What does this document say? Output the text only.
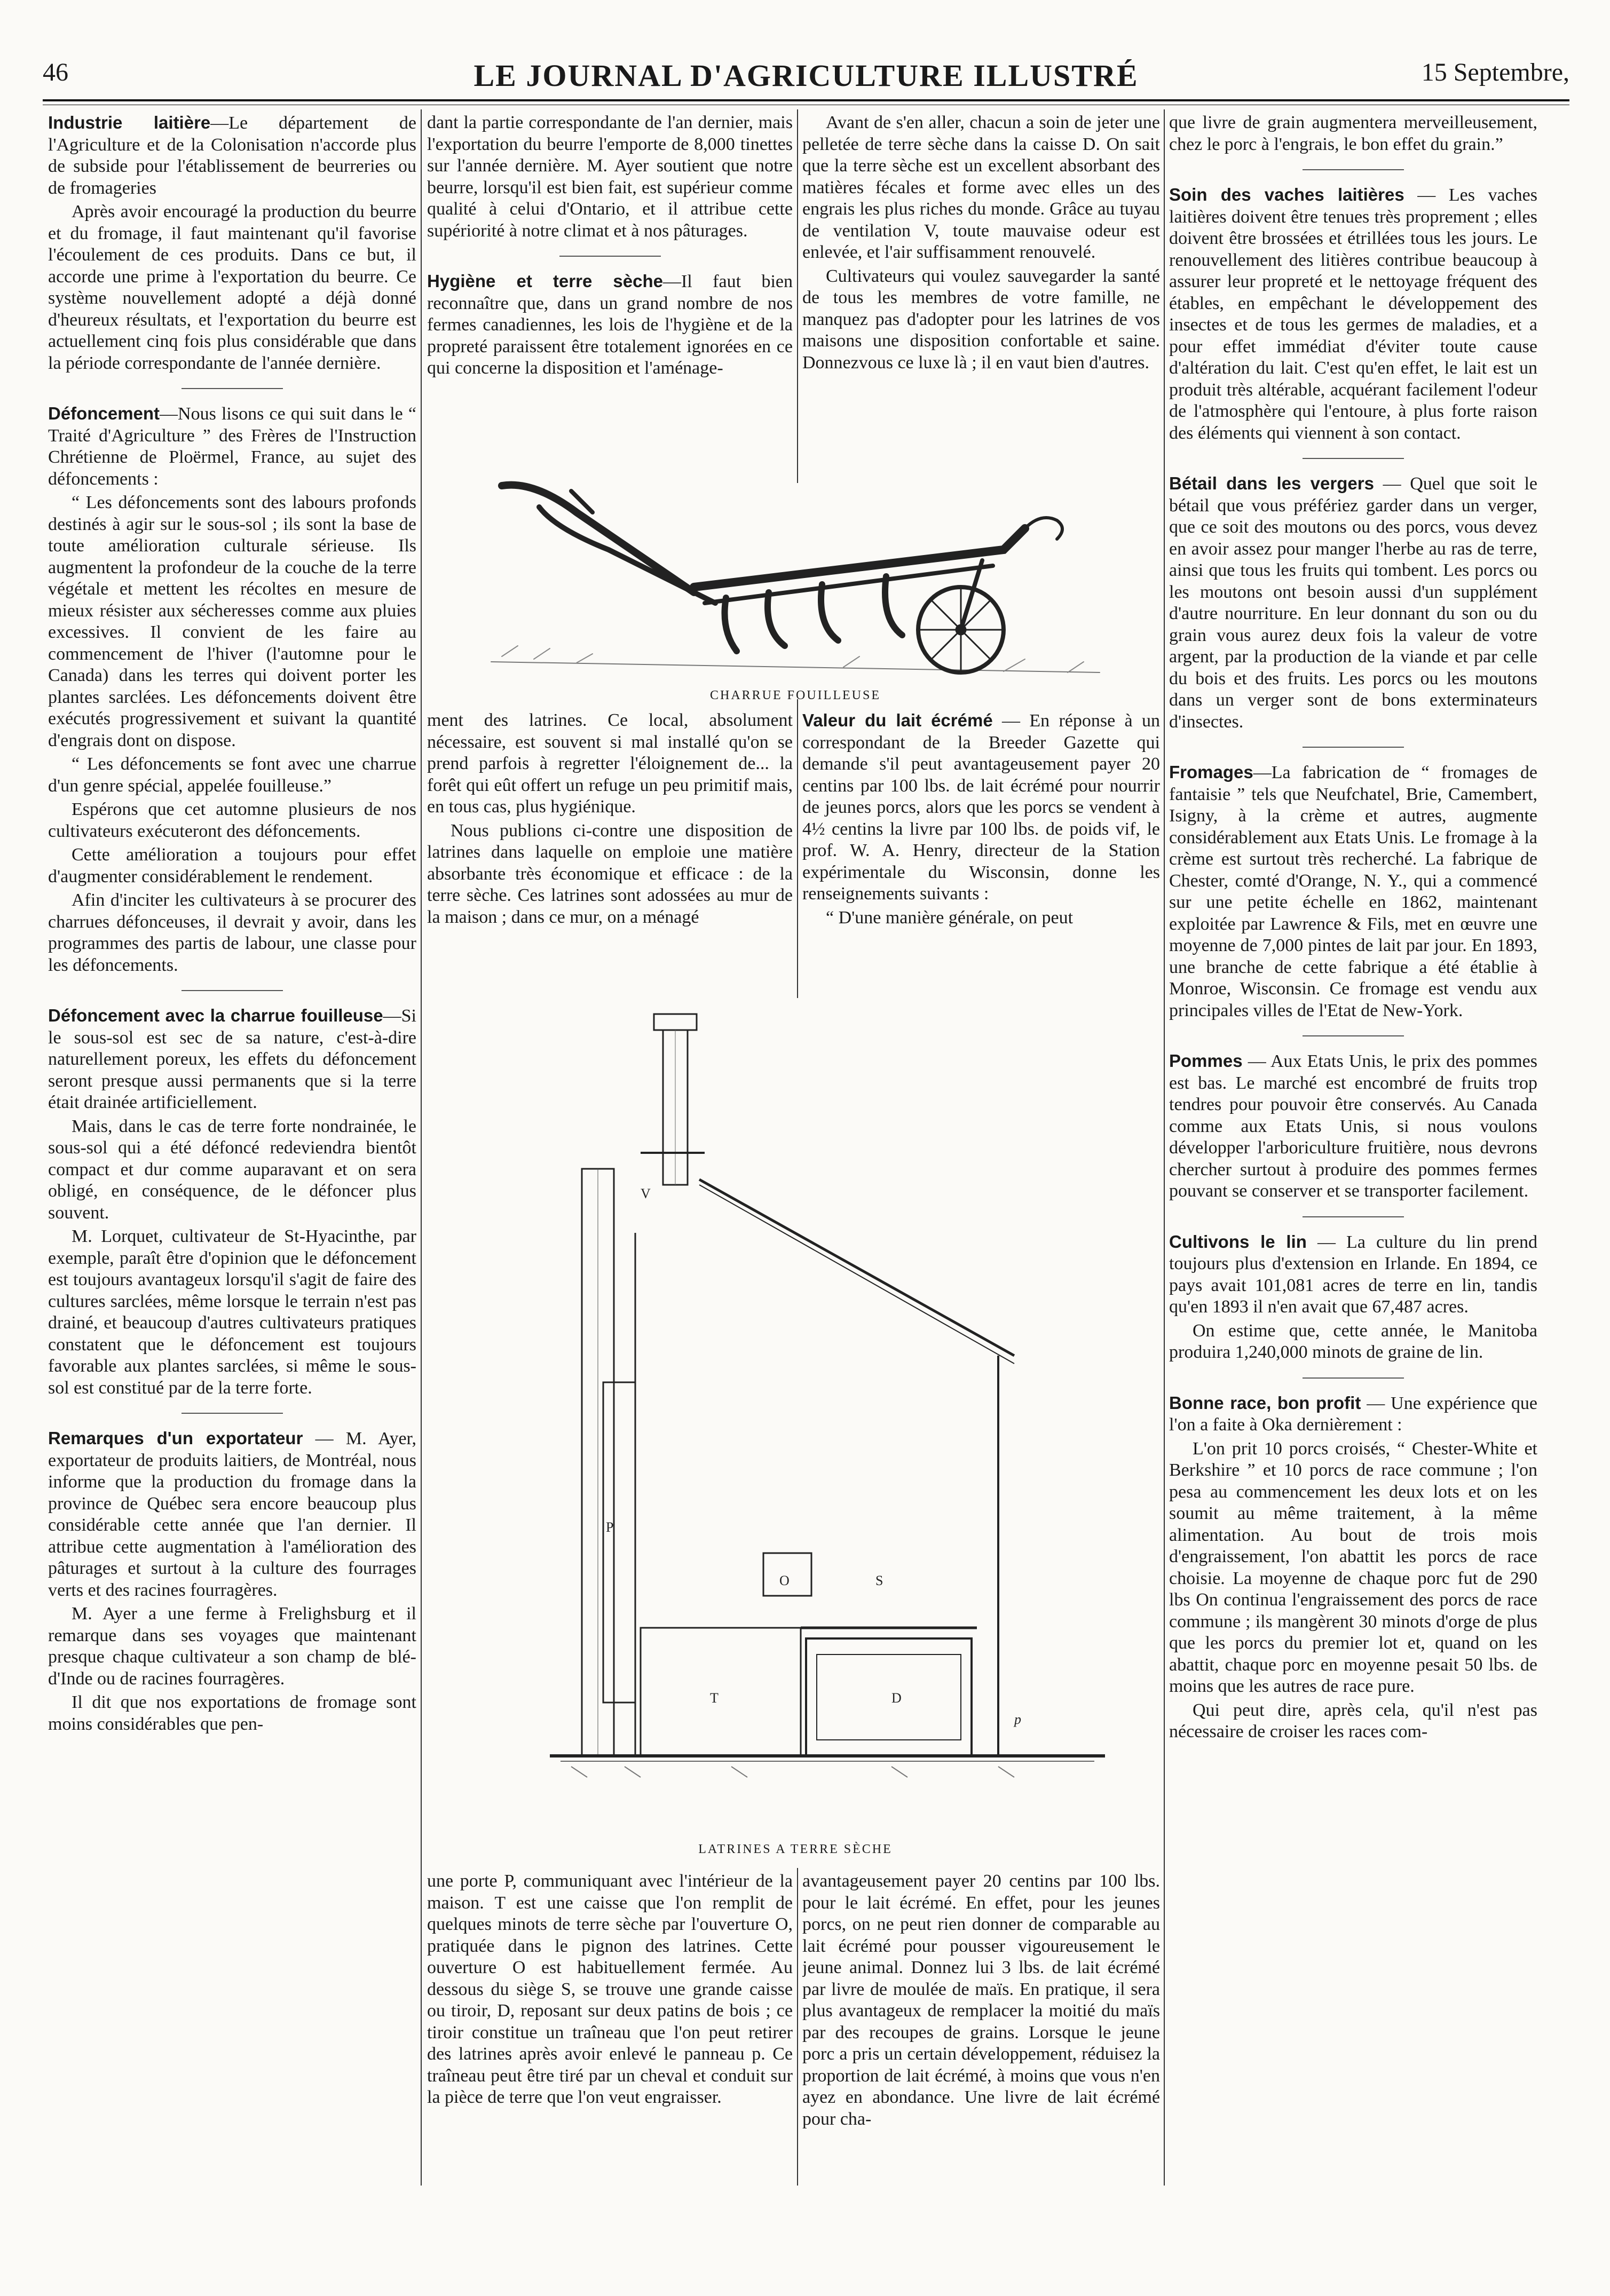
46	LE JOURNAL D'AGRICULTURE ILLUSTRÉ	15 Septembre,

Industrie laitière—Le département de l'Agriculture et de la Colonisation n'accorde plus de subside pour l'établissement de beurreries ou de fromageries

Après avoir encouragé la production du beurre et du fromage, il faut maintenant qu'il favorise l'écoulement de ces produits. Dans ce but, il accorde une prime à l'exportation du beurre. Ce système nouvellement adopté a déjà donné d'heureux résultats, et l'exportation du beurre est actuellement cinq fois plus considérable que dans la période correspondante de l'année dernière.

Défoncement—Nous lisons ce qui suit dans le “ Traité d'Agriculture ” des Frères de l'Instruction Chrétienne de Ploërmel, France, au sujet des défoncements :

“ Les défoncements sont des labours profonds destinés à agir sur le sous-sol ; ils sont la base de toute amélioration culturale sérieuse. Ils augmentent la profondeur de la couche de la terre végétale et mettent les récoltes en mesure de mieux résister aux sécheresses comme aux pluies excessives. Il convient de les faire au commencement de l'hiver (l'automne pour le Canada) dans les terres qui doivent porter les plantes sarclées. Les défoncements doivent être exécutés progressivement et suivant la quantité d'engrais dont on dispose.

“ Les défoncements se font avec une charrue d'un genre spécial, appelée fouilleuse.”

Espérons que cet automne plusieurs de nos cultivateurs exécuteront des défoncements.

Cette amélioration a toujours pour effet d'augmenter considérablement le rendement.

Afin d'inciter les cultivateurs à se procurer des charrues défonceuses, il devrait y avoir, dans les programmes des partis de labour, une classe pour les défoncements.

Défoncement avec la charrue fouilleuse—Si le sous-sol est sec de sa nature, c'est-à-dire naturellement poreux, les effets du défoncement seront presque aussi permanents que si la terre était drainée artificiellement.

Mais, dans le cas de terre forte nondrainée, le sous-sol qui a été défoncé redeviendra bientôt compact et dur comme auparavant et on sera obligé, en conséquence, de le défoncer plus souvent.

M. Lorquet, cultivateur de St-Hyacinthe, par exemple, paraît être d'opinion que le défoncement est toujours avantageux lorsqu'il s'agit de faire des cultures sarclées, même lorsque le terrain n'est pas drainé, et beaucoup d'autres cultivateurs pratiques constatent que le défoncement est toujours favorable aux plantes sarclées, si même le sous-sol est constitué par de la terre forte.

Remarques d'un exportateur — M. Ayer, exportateur de produits laitiers, de Montréal, nous informe que la production du fromage dans la province de Québec sera encore beaucoup plus considérable cette année que l'an dernier. Il attribue cette augmentation à l'amélioration des pâturages et surtout à la culture des fourrages verts et des racines fourragères.

M. Ayer a une ferme à Frelighsburg et il remarque dans ses voyages que maintenant presque chaque cultivateur a son champ de blé-d'Inde ou de racines fourragères.

Il dit que nos exportations de fromage sont moins considérables que pen-

dant la partie correspondante de l'an dernier, mais l'exportation du beurre l'emporte de 8,000 tinettes sur l'année dernière. M. Ayer soutient que notre beurre, lorsqu'il est bien fait, est supérieur comme qualité à celui d'Ontario, et il attribue cette supériorité à notre climat et à nos pâturages.

Hygiène et terre sèche—Il faut bien reconnaître que, dans un grand nombre de nos fermes canadiennes, les lois de l'hygiène et de la propreté paraissent être totalement ignorées en ce qui concerne la disposition et l'aménage-

Avant de s'en aller, chacun a soin de jeter une pelletée de terre sèche dans la caisse D. On sait que la terre sèche est un excellent absorbant des matières fécales et forme avec elles un des engrais les plus riches du monde. Grâce au tuyau de ventilation V, toute mauvaise odeur est enlevée, et l'air suffisamment renouvelé.

Cultivateurs qui voulez sauvegarder la santé de tous les membres de votre famille, ne manquez pas d'adopter pour les latrines de vos maisons une disposition confortable et saine. Donnezvous ce luxe là ; il en vaut bien d'autres.

CHARRUE FOUILLEUSE

ment des latrines. Ce local, absolument nécessaire, est souvent si mal installé qu'on se prend parfois à regretter l'éloignement de... la forêt qui eût offert un refuge un peu primitif mais, en tous cas, plus hygiénique.

Nous publions ci-contre une disposition de latrines dans laquelle on emploie une matière absorbante très économique et efficace : de la terre sèche. Ces latrines sont adossées au mur de la maison ; dans ce mur, on a ménagé

Valeur du lait écrémé — En réponse à un correspondant de la Breeder Gazette qui demande s'il peut avantageusement payer 20 centins par 100 lbs. de lait écrémé pour nourrir de jeunes porcs, alors que les porcs se vendent à 4½ centins la livre par 100 lbs. de poids vif, le prof. W. A. Henry, directeur de la Station expérimentale du Wisconsin, donne les renseignements suivants :

“ D'une manière générale, on peut

V
P
O	S
T	D
p
LATRINES A TERRE SÈCHE

une porte P, communiquant avec l'intérieur de la maison. T est une caisse que l'on remplit de quelques minots de terre sèche par l'ouverture O, pratiquée dans le pignon des latrines. Cette ouverture O est habituellement fermée. Au dessous du siège S, se trouve une grande caisse ou tiroir, D, reposant sur deux patins de bois ; ce tiroir constitue un traîneau que l'on peut retirer des latrines après avoir enlevé le panneau p. Ce traîneau peut être tiré par un cheval et conduit sur la pièce de terre que l'on veut engraisser.

avantageusement payer 20 centins par 100 lbs. pour le lait écrémé. En effet, pour les jeunes porcs, on ne peut rien donner de comparable au lait écrémé pour pousser vigoureusement le jeune animal. Donnez lui 3 lbs. de lait écrémé par livre de moulée de maïs. En pratique, il sera plus avantageux de remplacer la moitié du maïs par des recoupes de grains. Lorsque le jeune porc a pris un certain développement, réduisez la proportion de lait écrémé, à moins que vous n'en ayez en abondance. Une livre de lait écrémé pour cha-

que livre de grain augmentera merveilleusement, chez le porc à l'engrais, le bon effet du grain.”

Soin des vaches laitières — Les vaches laitières doivent être tenues très proprement ; elles doivent être brossées et étrillées tous les jours. Le renouvellement des litières contribue beaucoup à assurer leur propreté et le nettoyage fréquent des étables, en empêchant le développement des insectes et de tous les germes de maladies, et a pour effet immédiat d'éviter toute cause d'altération du lait. C'est qu'en effet, le lait est un produit très altérable, acquérant facilement l'odeur de l'atmosphère qui l'entoure, à plus forte raison des éléments qui viennent à son contact.

Bétail dans les vergers — Quel que soit le bétail que vous préfériez garder dans un verger, que ce soit des moutons ou des porcs, vous devez en avoir assez pour manger l'herbe au ras de terre, ainsi que tous les fruits qui tombent. Les porcs ou les moutons ont besoin aussi d'un supplément d'autre nourriture. En leur donnant du son ou du grain vous aurez deux fois la valeur de votre argent, par la production de la viande et par celle du bois et des fruits. Les porcs ou les moutons dans un verger sont de bons exterminateurs d'insectes.

Fromages—La fabrication de “ fromages de fantaisie ” tels que Neufchatel, Brie, Camembert, Isigny, à la crème et autres, augmente considérablement aux Etats Unis. Le fromage à la crème est surtout très recherché. La fabrique de Chester, comté d'Orange, N. Y., qui a commencé sur une petite échelle en 1862, maintenant exploitée par Lawrence & Fils, met en œuvre une moyenne de 7,000 pintes de lait par jour. En 1893, une branche de cette fabrique a été établie à Monroe, Wisconsin. Ce fromage est vendu aux principales villes de l'Etat de New-York.

Pommes — Aux Etats Unis, le prix des pommes est bas. Le marché est encombré de fruits trop tendres pour pouvoir être conservés. Au Canada comme aux Etats Unis, si nous voulons développer l'arboriculture fruitière, nous devrons chercher surtout à produire des pommes fermes pouvant se conserver et se transporter facilement.

Cultivons le lin — La culture du lin prend toujours plus d'extension en Irlande. En 1894, ce pays avait 101,081 acres de terre en lin, tandis qu'en 1893 il n'en avait que 67,487 acres.

On estime que, cette année, le Manitoba produira 1,240,000 minots de graine de lin.

Bonne race, bon profit — Une expérience que l'on a faite à Oka dernièrement :

L'on prit 10 porcs croisés, “ Chester-White et Berkshire ” et 10 porcs de race commune ; l'on pesa au commencement les deux lots et on les soumit au même traitement, à la même alimentation. Au bout de trois mois d'engraissement, l'on abattit les porcs de race choisie. La moyenne de chaque porc fut de 290 lbs On continua l'engraissement des porcs de race commune ; ils mangèrent 30 minots d'orge de plus que les porcs du premier lot et, quand on les abattit, chaque porc en moyenne pesait 50 lbs. de moins que les autres de race pure.

Qui peut dire, après cela, qu'il n'est pas nécessaire de croiser les races com-
